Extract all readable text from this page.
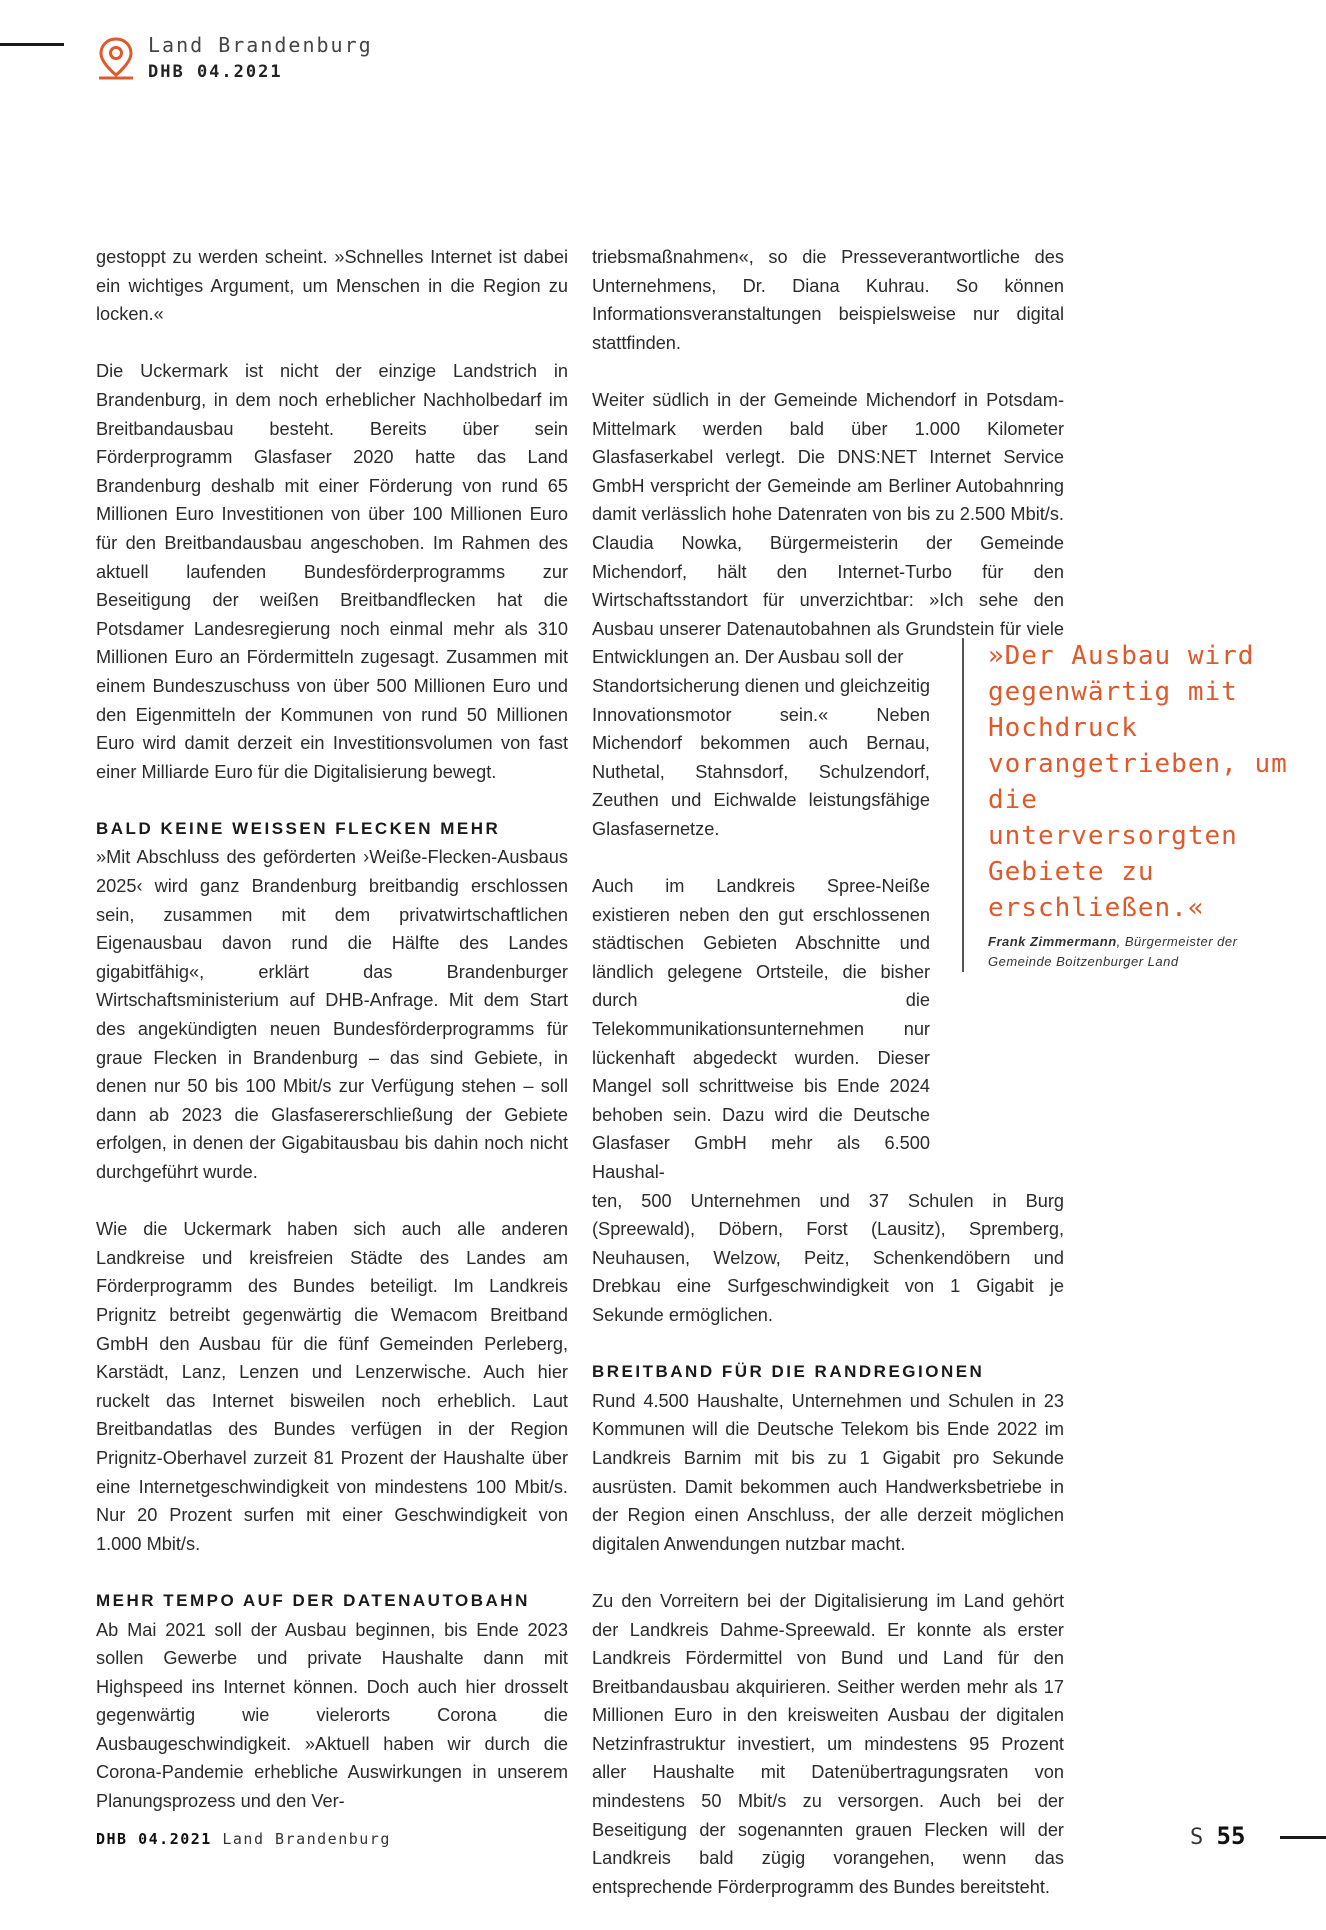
Land Brandenburg
DHB 04.2021

gestoppt zu werden scheint. »Schnelles Internet ist dabei ein wichtiges Argument, um Menschen in die Region zu locken.«

Die Uckermark ist nicht der einzige Landstrich in Brandenburg, in dem noch erheblicher Nachholbedarf im Breitbandausbau besteht. Bereits über sein Förderprogramm Glasfaser 2020 hatte das Land Brandenburg deshalb mit einer Förderung von rund 65 Millionen Euro Investitionen von über 100 Millionen Euro für den Breitbandausbau angeschoben. Im Rahmen des aktuell laufenden Bundesförderprogramms zur Beseitigung der weißen Breitbandflecken hat die Potsdamer Landesregierung noch einmal mehr als 310 Millionen Euro an Fördermitteln zugesagt. Zusammen mit einem Bundeszuschuss von über 500 Millionen Euro und den Eigenmitteln der Kommunen von rund 50 Millionen Euro wird damit derzeit ein Investitionsvolumen von fast einer Milliarde Euro für die Digitalisierung bewegt.

BALD KEINE WEISSEN FLECKEN MEHR

»Mit Abschluss des geförderten ›Weiße-Flecken-Ausbaus 2025‹ wird ganz Brandenburg breitbandig erschlossen sein, zusammen mit dem privatwirtschaftlichen Eigenausbau davon rund die Hälfte des Landes gigabitfähig«, erklärt das Brandenburger Wirtschaftsministerium auf DHB-Anfrage. Mit dem Start des angekündigten neuen Bundesförderprogramms für graue Flecken in Brandenburg – das sind Gebiete, in denen nur 50 bis 100 Mbit/s zur Verfügung stehen – soll dann ab 2023 die Glasfasererschließung der Gebiete erfolgen, in denen der Gigabitausbau bis dahin noch nicht durchgeführt wurde.

Wie die Uckermark haben sich auch alle anderen Landkreise und kreisfreien Städte des Landes am Förderprogramm des Bundes beteiligt. Im Landkreis Prignitz betreibt gegenwärtig die Wemacom Breitband GmbH den Ausbau für die fünf Gemeinden Perleberg, Karstädt, Lanz, Lenzen und Lenzerwische. Auch hier ruckelt das Internet bisweilen noch erheblich. Laut Breitbandatlas des Bundes verfügen in der Region Prignitz-Oberhavel zurzeit 81 Prozent der Haushalte über eine Internetgeschwindigkeit von mindestens 100 Mbit/s. Nur 20 Prozent surfen mit einer Geschwindigkeit von 1.000 Mbit/s.

MEHR TEMPO AUF DER DATENAUTOBAHN

Ab Mai 2021 soll der Ausbau beginnen, bis Ende 2023 sollen Gewerbe und private Haushalte dann mit Highspeed ins Internet können. Doch auch hier drosselt gegenwärtig wie vielerorts Corona die Ausbaugeschwindigkeit. »Aktuell haben wir durch die Corona-Pandemie erhebliche Auswirkungen in unserem Planungsprozess und den Ver-

triebsmaßnahmen«, so die Presseverantwortliche des Unternehmens, Dr. Diana Kuhrau. So können Informationsveranstaltungen beispielsweise nur digital stattfinden.

Weiter südlich in der Gemeinde Michendorf in Potsdam-Mittelmark werden bald über 1.000 Kilometer Glasfaserkabel verlegt. Die DNS:NET Internet Service GmbH verspricht der Gemeinde am Berliner Autobahnring damit verlässlich hohe Datenraten von bis zu 2.500 Mbit/s. Claudia Nowka, Bürgermeisterin der Gemeinde Michendorf, hält den Internet-Turbo für den Wirtschaftsstandort für unverzichtbar: »Ich sehe den Ausbau unserer Datenautobahnen als Grundstein für viele Entwicklungen an. Der Ausbau soll der

Standortsicherung dienen und gleichzeitig Innovationsmotor sein.« Neben Michendorf bekommen auch Bernau, Nuthetal, Stahnsdorf, Schulzendorf, Zeuthen und Eichwalde leistungsfähige Glasfasernetze.

Auch im Landkreis Spree-Neiße existieren neben den gut erschlossenen städtischen Gebieten Abschnitte und ländlich gelegene Ortsteile, die bisher durch die Telekommunikationsunternehmen nur lückenhaft abgedeckt wurden. Dieser Mangel soll schrittweise bis Ende 2024 behoben sein. Dazu wird die Deutsche Glasfaser GmbH mehr als 6.500 Haushal-

ten, 500 Unternehmen und 37 Schulen in Burg (Spreewald), Döbern, Forst (Lausitz), Spremberg, Neuhausen, Welzow, Peitz, Schenkendöbern und Drebkau eine Surfgeschwindigkeit von 1 Gigabit je Sekunde ermöglichen.

BREITBAND FÜR DIE RANDREGIONEN

Rund 4.500 Haushalte, Unternehmen und Schulen in 23 Kommunen will die Deutsche Telekom bis Ende 2022 im Landkreis Barnim mit bis zu 1 Gigabit pro Sekunde ausrüsten. Damit bekommen auch Handwerksbetriebe in der Region einen Anschluss, der alle derzeit möglichen digitalen Anwendungen nutzbar macht.

Zu den Vorreitern bei der Digitalisierung im Land gehört der Landkreis Dahme-Spreewald. Er konnte als erster Landkreis Fördermittel von Bund und Land für den Breitbandausbau akquirieren. Seither werden mehr als 17 Millionen Euro in den kreisweiten Ausbau der digitalen Netzinfrastruktur investiert, um mindestens 95 Prozent aller Haushalte mit Datenübertragungsraten von mindestens 50 Mbit/s zu versorgen. Auch bei der Beseitigung der sogenannten grauen Flecken will der Landkreis bald zügig vorangehen, wenn das entsprechende Förderprogramm des Bundes bereitsteht.

»Der Ausbau wird gegenwärtig mit Hochdruck vorangetrieben, um die unterversorgten Gebiete zu erschließen.«

Frank Zimmermann, Bürgermeister der Gemeinde Boitzenburger Land
DHB 04.2021 Land Brandenburg	S 55
